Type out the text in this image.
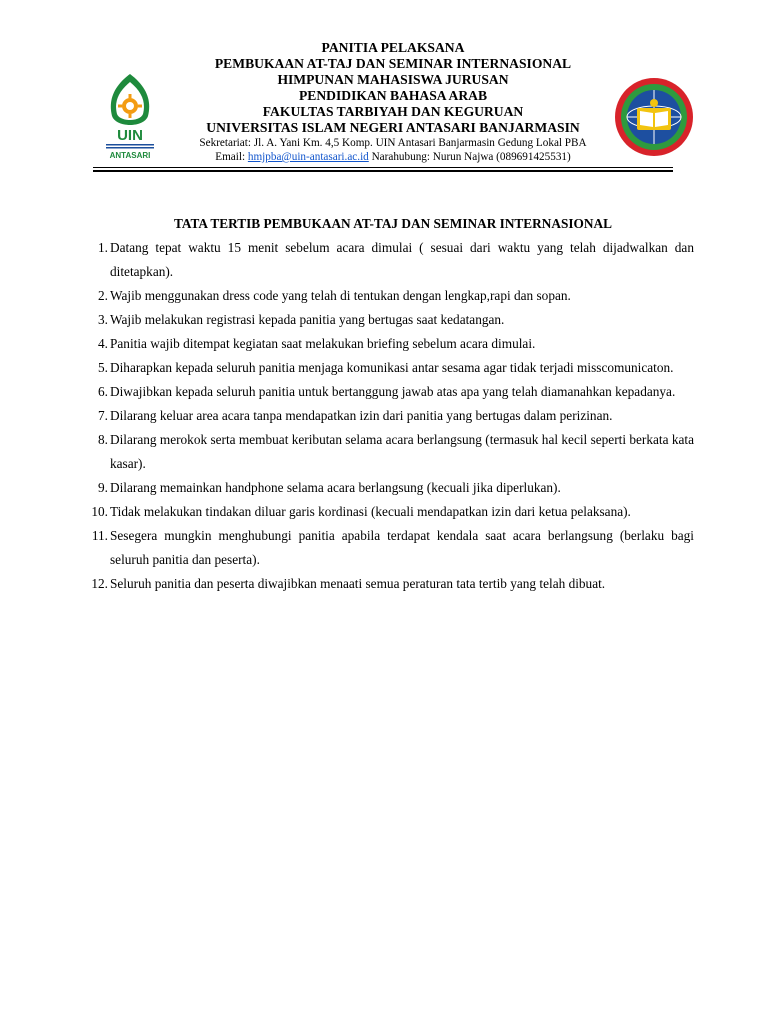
UIN
ANTASARI
PANITIA PELAKSANA
PEMBUKAAN AT-TAJ DAN SEMINAR INTERNASIONAL
HIMPUNAN MAHASISWA JURUSAN
PENDIDIKAN BAHASA ARAB
FAKULTAS TARBIYAH DAN KEGURUAN
UNIVERSITAS ISLAM NEGERI ANTASARI BANJARMASIN
Sekretariat: Jl. A. Yani Km. 4,5 Komp. UIN Antasari Banjarmasin Gedung Lokal PBA
Email: hmjpba@uin-antasari.ac.id Narahubung: Nurun Najwa (089691425531)
TATA TERTIB PEMBUKAAN AT-TAJ DAN SEMINAR INTERNASIONAL
1. Datang tepat waktu 15 menit sebelum acara dimulai ( sesuai dari waktu yang telah dijadwalkan dan ditetapkan).
2. Wajib menggunakan dress code yang telah di tentukan dengan lengkap,rapi dan sopan.
3. Wajib melakukan registrasi kepada panitia yang bertugas saat kedatangan.
4. Panitia wajib ditempat kegiatan saat melakukan briefing sebelum acara dimulai.
5. Diharapkan kepada seluruh panitia menjaga komunikasi antar sesama agar tidak terjadi misscomunicaton.
6. Diwajibkan kepada seluruh panitia untuk bertanggung jawab atas apa yang telah diamanahkan kepadanya.
7. Dilarang keluar area acara tanpa mendapatkan izin dari panitia yang bertugas dalam perizinan.
8. Dilarang merokok serta membuat keributan selama acara berlangsung (termasuk hal kecil seperti berkata kata kasar).
9. Dilarang memainkan handphone selama acara berlangsung (kecuali jika diperlukan).
10. Tidak melakukan tindakan diluar garis kordinasi (kecuali mendapatkan izin dari ketua pelaksana).
11. Sesegera mungkin menghubungi panitia apabila terdapat kendala saat acara berlangsung (berlaku bagi seluruh panitia dan peserta).
12. Seluruh panitia dan peserta diwajibkan menaati semua peraturan tata tertib yang telah dibuat.
